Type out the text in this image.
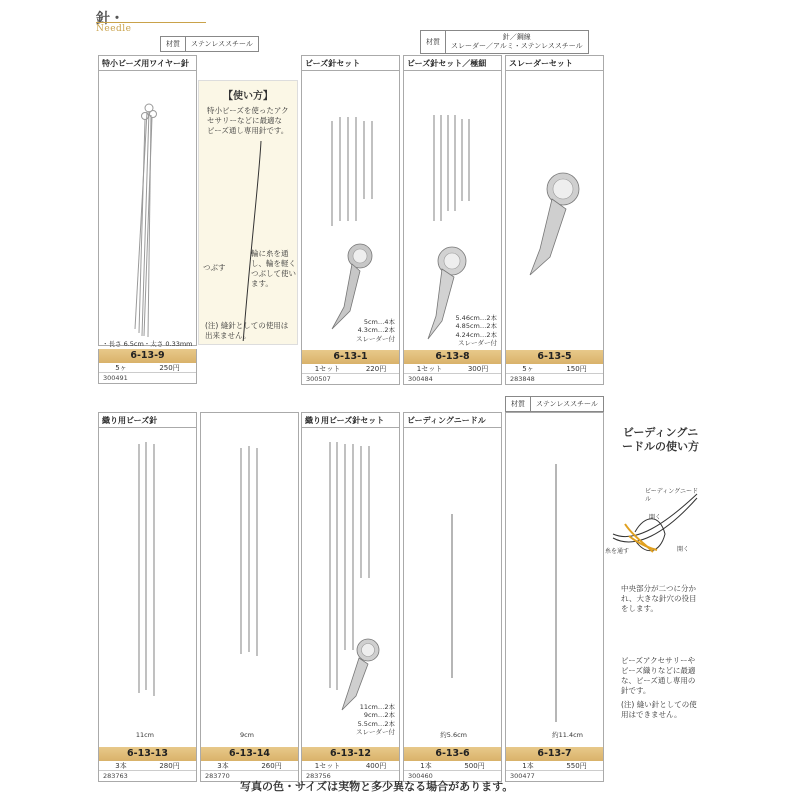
針・
Needle
材質	ステンレススチール	材質
針／鋼線
スレーダー／アルミ・ステンレススチール
材質	ステンレススチール
特小ビーズ用ワイヤー針
・長さ 6.5cm・太さ 0.33mm
6-13-9
5ヶ	250円
300491
【使い方】
特小ビーズを使ったアクセサリーなどに最適なビーズ通し専用針です。
つぶす
輪に糸を通し、輪を軽くつぶして使います。
(注) 縫針としての使用は出来ません。
ビーズ針セット
5cm…4本
4.3cm…2本
スレーダー付
6-13-1
1セット	220円
300507
ビーズ針セット／極細
5.46cm…2本
4.85cm…2本
4.24cm…2本
スレーダー付
6-13-8
1セット	300円
300484
スレーダーセット
6-13-5
5ヶ	150円
283848
織り用ビーズ針
11cm
6-13-13
3本	280円
283763
9cm
6-13-14
3本	260円
283770
織り用ビーズ針セット
11cm…2本
9cm…2本
5.5cm…2本
スレーダー付
6-13-12
1セット	400円
283756
ビーディングニードル
約5.6cm
6-13-6
1本	500円
300460
約11.4cm
6-13-7
1本	550円
300477
ビーディングニードルの使い方
ビーディングニードル
開く
開く
糸を通す
中央部分が二つに分かれ、大きな針穴の役目をします。
ビーズアクセサリーやビーズ織りなどに最適な、ビーズ通し専用の針です。
(注) 縫い針としての使用はできません。
写真の色・サイズは実物と多少異なる場合があります。
